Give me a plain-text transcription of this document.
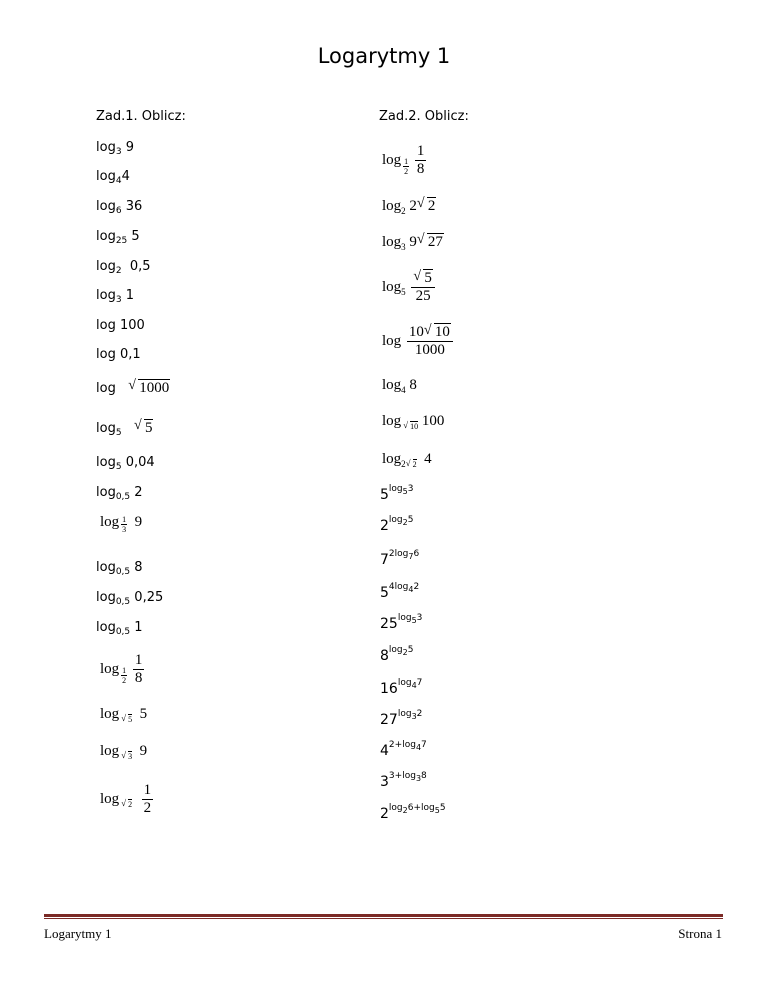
Logarytmy 1
Zad.1. Oblicz:	Zad.2. Oblicz:
$\log_3 9$
$\log_44$
$\log_6 36$
$\log_{25} 5$
$\log_2 0,5$
$\log_3 1$
log 100
log 0,1
log   √ 1000
$\log_5$   √ 5
$\log_5 0,04$
$\log_{0,5} 2$
$\log \frac{1}{3} 9$
$\log_{0,5} 8$
$\log_{0,5} 0,25$
$\log_{0,5} 1$
$\log \frac{1}{2}$
$\frac{1}{8}$
log√ 5 5
log√ 3 9
log√ $2 \frac{1}{2}$
$\log \frac{1}{2}$
$\frac{1}{8}$
$\log_2 2√$ 2
$\log_3 9√$ 27
$\log_5$
√ $\frac{5}{25}$
$\log \frac{10√ 10}{1000}$
$\log_4 8$
log√ 10 100
$\log_2√$ 2 4
$5^{log53}$
$2^{log25}$
$7^{2log76}$
$5^{4log42}$
$25^{log53}$
$8^{log25}$
$16^{log47}$
$27^{log32}$
$4^{2+log47}$
$3^{3+log38}$
$2^{log26+log55}$
Logarytmy 1	Strona 1
